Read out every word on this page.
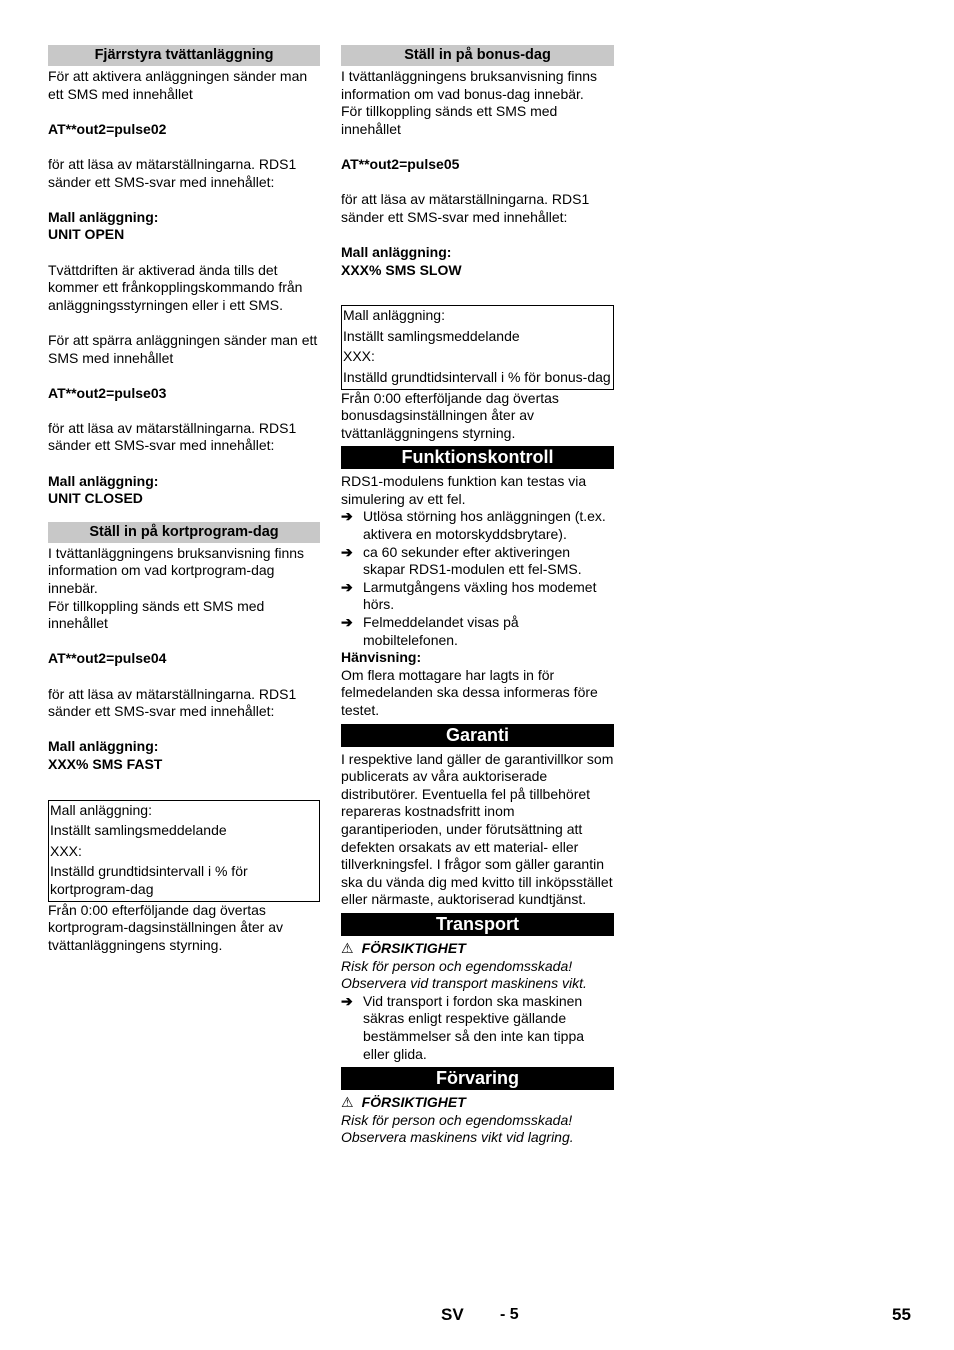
Fjärrstyra tvättanläggning

För att aktivera anläggningen sänder man ett SMS med innehållet

AT**out2=pulse02

för att läsa av mätarställningarna. RDS1 sänder ett SMS-svar med innehållet:

Mall anläggning:

UNIT OPEN

Tvättdriften är aktiverad ända tills det kommer ett frånkopplingskommando från anläggningsstyrningen eller i ett SMS.

För att spärra anläggningen sänder man ett SMS med innehållet

AT**out2=pulse03

för att läsa av mätarställningarna. RDS1 sänder ett SMS-svar med innehållet:

Mall anläggning:

UNIT CLOSED

Ställ in på kortprogram-dag

I tvättanläggningens bruksanvisning finns information om vad kortprogram-dag innebär.

För tillkoppling sänds ett SMS med innehållet

AT**out2=pulse04

för att läsa av mätarställningarna. RDS1 sänder ett SMS-svar med innehållet:

Mall anläggning:

XXX% SMS FAST

Mall anläggning:
Inställt samlingsmeddelande
XXX:
Inställd grundtidsintervall i % för kortprogram-dag

Från 0:00 efterföljande dag övertas kortprogram-dagsinställningen åter av tvättanläggningens styrning.

Ställ in på bonus-dag

I tvättanläggningens bruksanvisning finns information om vad bonus-dag innebär.

För tillkoppling sänds ett SMS med innehållet

AT**out2=pulse05

för att läsa av mätarställningarna. RDS1 sänder ett SMS-svar med innehållet:

Mall anläggning:

XXX% SMS SLOW

Mall anläggning:
Inställt samlingsmeddelande
XXX:
Inställd grundtidsintervall i % för bonus-dag

Från 0:00 efterföljande dag övertas bonusdagsinställningen åter av tvättanläggningens styrning.

Funktionskontroll

RDS1-modulens funktion kan testas via simulering av ett fel.

➔ Utlösa störning hos anläggningen (t.ex. aktivera en motorskyddsbrytare).
➔ ca 60 sekunder efter aktiveringen skapar RDS1-modulen ett fel-SMS.
➔ Larmutgångens växling hos modemet hörs.
➔ Felmeddelandet visas på mobiltelefonen.

Hänvisning:

Om flera mottagare har lagts in för felmedelanden ska dessa informeras före testet.

Garanti

I respektive land gäller de garantivillkor som publicerats av våra auktoriserade distributörer. Eventuella fel på tillbehöret repareras kostnadsfritt inom garantiperioden, under förutsättning att defekten orsakats av ett material- eller tillverkningsfel. I frågor som gäller garantin ska du vända dig med kvitto till inköpsstället eller närmaste, auktoriserad kundtjänst.

Transport

⚠ FÖRSIKTIGHET

Risk för person och egendomsskada! Observera vid transport maskinens vikt.

➔ Vid transport i fordon ska maskinen säkras enligt respektive gällande bestämmelser så den inte kan tippa eller glida.
Förvaring

⚠ FÖRSIKTIGHET

Risk för person och egendomsskada! Observera maskinens vikt vid lagring.

SV - 5	55
